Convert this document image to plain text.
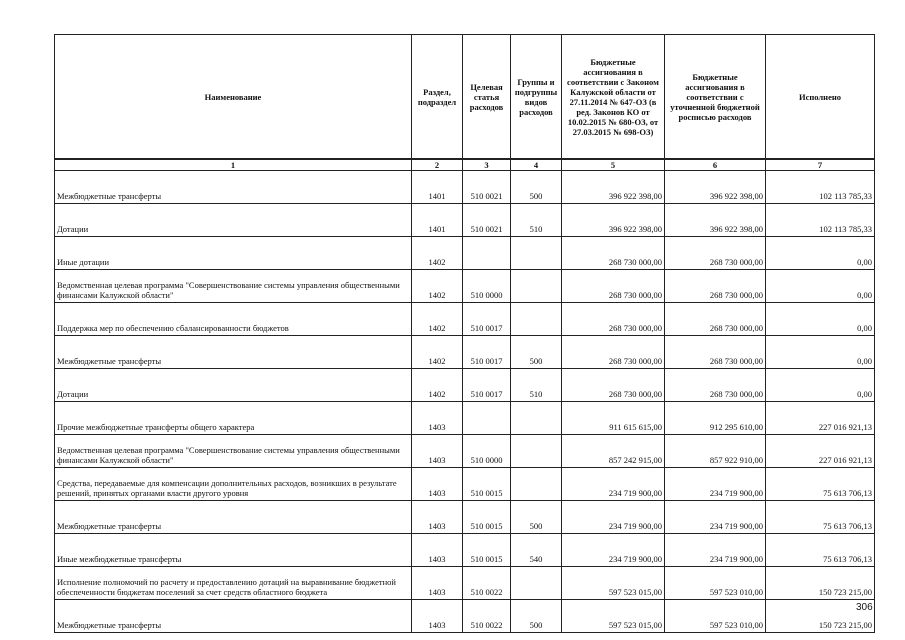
Наименование	Раздел, подраздел	Целевая статья расходов	Группы и подгруппы видов расходов	Бюджетные ассигнования в соответствии с Законом Калужской области от 27.11.2014 № 647-ОЗ (в ред. Законов КО от 10.02.2015 № 680-ОЗ, от 27.03.2015 № 698-ОЗ)	Бюджетные ассигнования в соответствии с уточненной бюджетной росписью расходов	Исполнено
1	2	3	4	5	6	7
Межбюджетные трансферты	1401	510 0021	500	396 922 398,00	396 922 398,00	102 113 785,33
Дотации	1401	510 0021	510	396 922 398,00	396 922 398,00	102 113 785,33
Иные дотации	1402			268 730 000,00	268 730 000,00	0,00
Ведомственная целевая программа "Совершенствование системы управления общественными финансами Калужской области"	1402	510 0000		268 730 000,00	268 730 000,00	0,00
Поддержка мер по обеспечению сбалансированности бюджетов	1402	510 0017		268 730 000,00	268 730 000,00	0,00
Межбюджетные трансферты	1402	510 0017	500	268 730 000,00	268 730 000,00	0,00
Дотации	1402	510 0017	510	268 730 000,00	268 730 000,00	0,00
Прочие межбюджетные трансферты общего характера	1403			911 615 615,00	912 295 610,00	227 016 921,13
Ведомственная целевая программа "Совершенствование системы управления общественными финансами Калужской области"	1403	510 0000		857 242 915,00	857 922 910,00	227 016 921,13
Средства, передаваемые для компенсации дополнительных расходов, возникших в результате решений, принятых органами власти другого уровня	1403	510 0015		234 719 900,00	234 719 900,00	75 613 706,13
Межбюджетные трансферты	1403	510 0015	500	234 719 900,00	234 719 900,00	75 613 706,13
Иные межбюджетные трансферты	1403	510 0015	540	234 719 900,00	234 719 900,00	75 613 706,13
Исполнение полномочий по расчету и предоставлению дотаций на выравнивание бюджетной обеспеченности бюджетам поселений за счет средств областного бюджета	1403	510 0022		597 523 015,00	597 523 010,00	150 723 215,00
Межбюджетные трансферты	1403	510 0022	500	597 523 015,00	597 523 010,00	150 723 215,00
306
